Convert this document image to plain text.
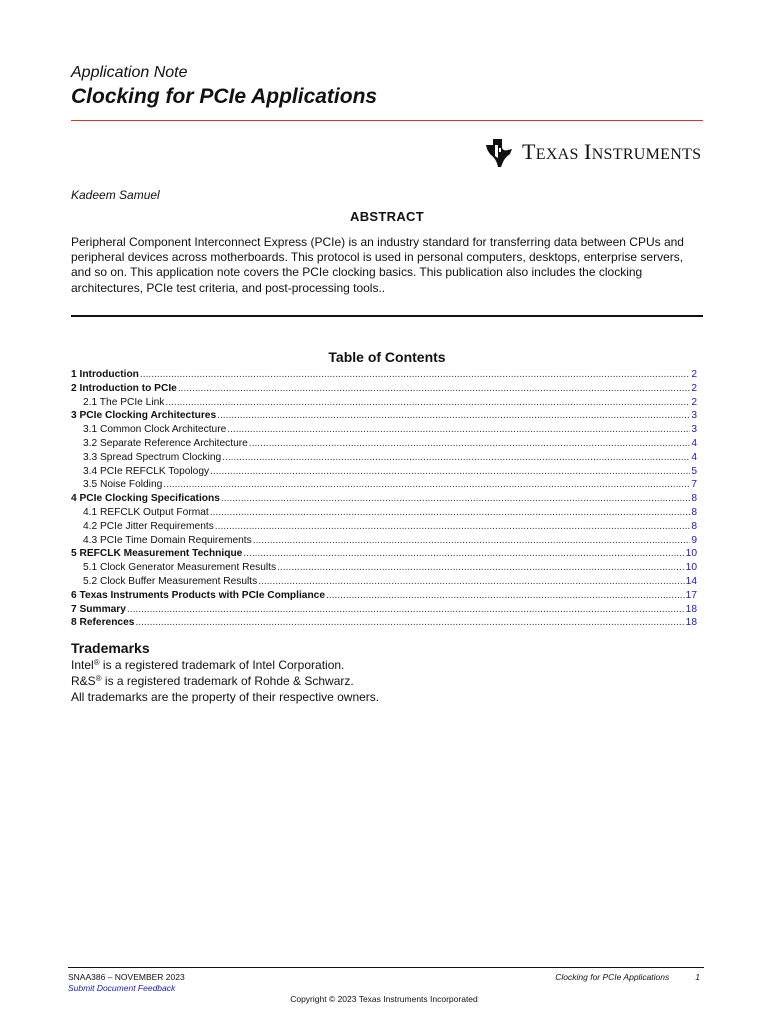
Application Note
Clocking for PCIe Applications
TEXAS INSTRUMENTS
Kadeem Samuel
ABSTRACT
Peripheral Component Interconnect Express (PCIe) is an industry standard for transferring data between CPUs and peripheral devices across motherboards. This protocol is used in personal computers, desktops, enterprise servers, and so on. This application note covers the PCIe clocking basics. This publication also includes the clocking architectures, PCIe test criteria, and post-processing tools..
Table of Contents
1 Introduction .....	2
2 Introduction to PCIe .....	2
2.1 The PCIe Link .....	2
3 PCIe Clocking Architectures .....	3
3.1 Common Clock Architecture .....	3
3.2 Separate Reference Architecture .....	4
3.3 Spread Spectrum Clocking .....	4
3.4 PCIe REFCLK Topology .....	5
3.5 Noise Folding .....	7
4 PCIe Clocking Specifications .....	8
4.1 REFCLK Output Format .....	8
4.2 PCIe Jitter Requirements .....	8
4.3 PCIe Time Domain Requirements .....	9
5 REFCLK Measurement Technique .....	10
5.1 Clock Generator Measurement Results .....	10
5.2 Clock Buffer Measurement Results .....	14
6 Texas Instruments Products with PCIe Compliance .....	17
7 Summary .....	18
8 References .....	18
Trademarks
Intel® is a registered trademark of Intel Corporation.
R&S® is a registered trademark of Rohde & Schwarz.
All trademarks are the property of their respective owners.
SNAA386 – NOVEMBER 2023
Submit Document Feedback
Clocking for PCIe Applications	1
Copyright © 2023 Texas Instruments Incorporated
